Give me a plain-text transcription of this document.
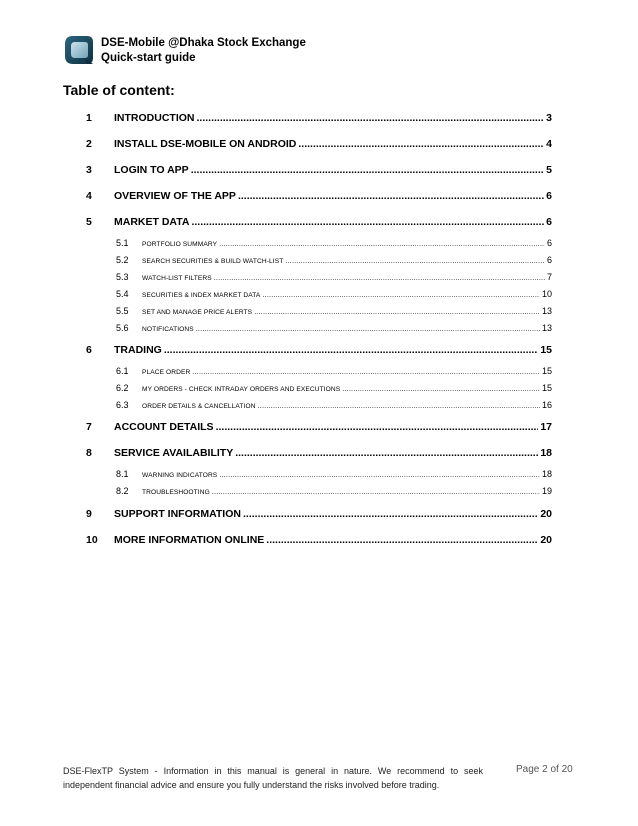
DSE-Mobile @Dhaka Stock Exchange
Quick-start guide
Table of content:
1	INTRODUCTION .....	3
2	INSTALL DSE-MOBILE ON ANDROID .....	4
3	LOGIN TO APP .....	5
4	OVERVIEW OF THE APP .....	6
5	MARKET DATA .....	6
5.1	PORTFOLIO SUMMARY .....	6
5.2	SEARCH SECURITIES & BUILD WATCH-LIST .....	6
5.3	WATCH-LIST FILTERS .....	7
5.4	SECURITIES & INDEX MARKET DATA .....	10
5.5	SET AND MANAGE PRICE ALERTS .....	13
5.6	NOTIFICATIONS .....	13
6	TRADING .....	15
6.1	PLACE ORDER .....	15
6.2	MY ORDERS - CHECK INTRADAY ORDERS AND EXECUTIONS .....	15
6.3	ORDER DETAILS & CANCELLATION .....	16
7	ACCOUNT DETAILS .....	17
8	SERVICE AVAILABILITY .....	18
8.1	WARNING INDICATORS .....	18
8.2	TROUBLESHOOTING .....	19
9	SUPPORT INFORMATION .....	20
10	MORE INFORMATION ONLINE .....	20
DSE-FlexTP System - Information in this manual is general in nature. We recommend to seek independent financial advice and ensure you fully understand the risks involved before trading.
Page 2 of 20
